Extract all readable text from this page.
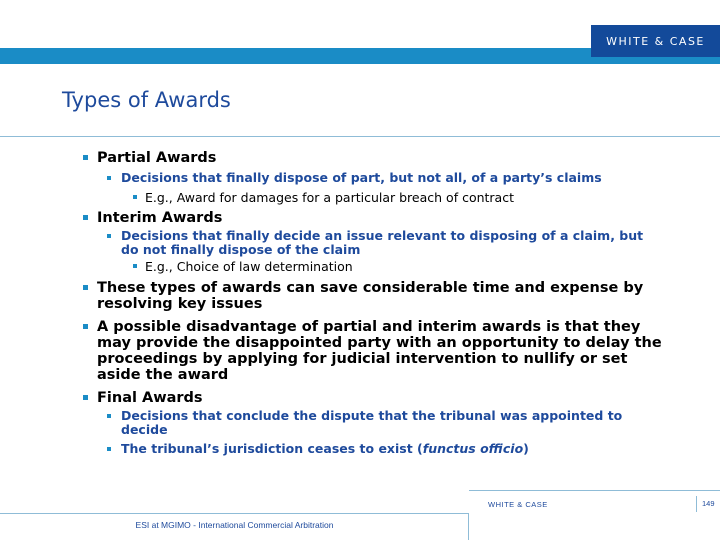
WHITE & CASE
Types of Awards
Partial Awards
Decisions that finally dispose of part, but not all, of a party’s claims
E.g., Award for damages for a particular breach of contract
Interim Awards
Decisions that finally decide an issue relevant to disposing of a claim, but do not finally dispose of the claim
E.g., Choice of law determination
These types of awards can save considerable time and expense by resolving key issues
A possible disadvantage of partial and interim awards is that they may provide the disappointed party with an opportunity to delay the proceedings by applying for judicial intervention to nullify or set aside the award
Final Awards
Decisions that conclude the dispute that the tribunal was appointed to decide
The tribunal’s jurisdiction ceases to exist (functus officio)
WHITE & CASE	149
ESI at MGIMO - International Commercial Arbitration
